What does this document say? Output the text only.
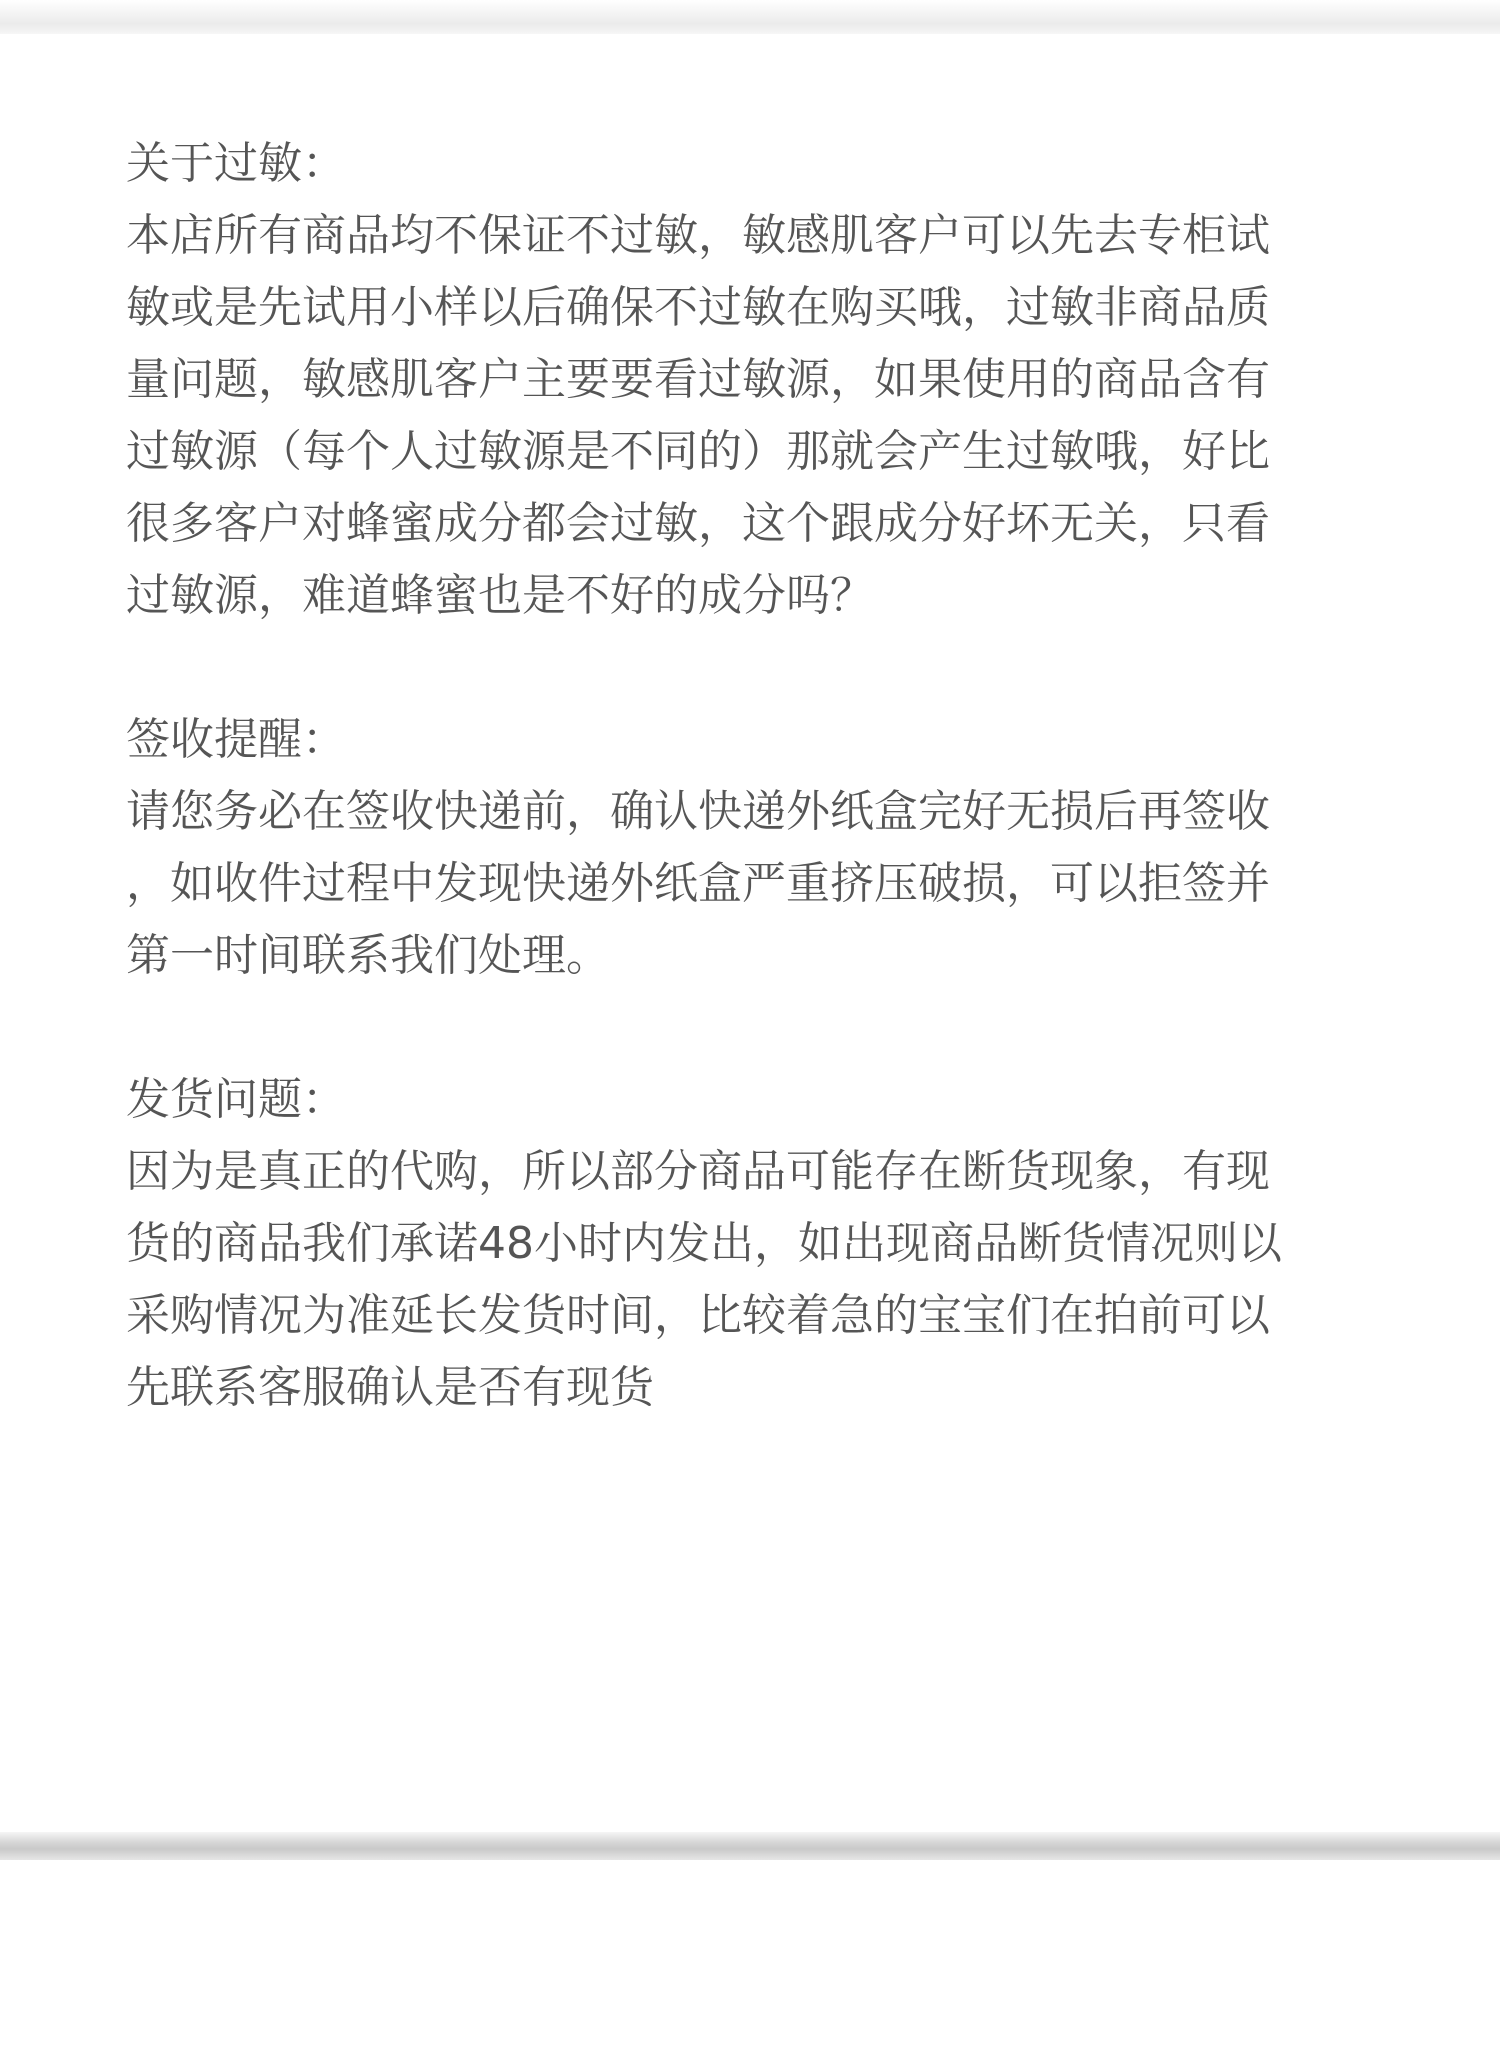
关于过敏：

本店所有商品均不保证不过敏，敏感肌客户可以先去专柜试
敏或是先试用小样以后确保不过敏在购买哦，过敏非商品质
量问题，敏感肌客户主要要看过敏源，如果使用的商品含有
过敏源（每个人过敏源是不同的）那就会产生过敏哦，好比
很多客户对蜂蜜成分都会过敏，这个跟成分好坏无关，只看
过敏源，难道蜂蜜也是不好的成分吗？

签收提醒：

请您务必在签收快递前，确认快递外纸盒完好无损后再签收
，如收件过程中发现快递外纸盒严重挤压破损，可以拒签并
第一时间联系我们处理。

发货问题：

因为是真正的代购，所以部分商品可能存在断货现象，有现
货的商品我们承诺48小时内发出，如出现商品断货情况则以
采购情况为准延长发货时间，比较着急的宝宝们在拍前可以
先联系客服确认是否有现货
